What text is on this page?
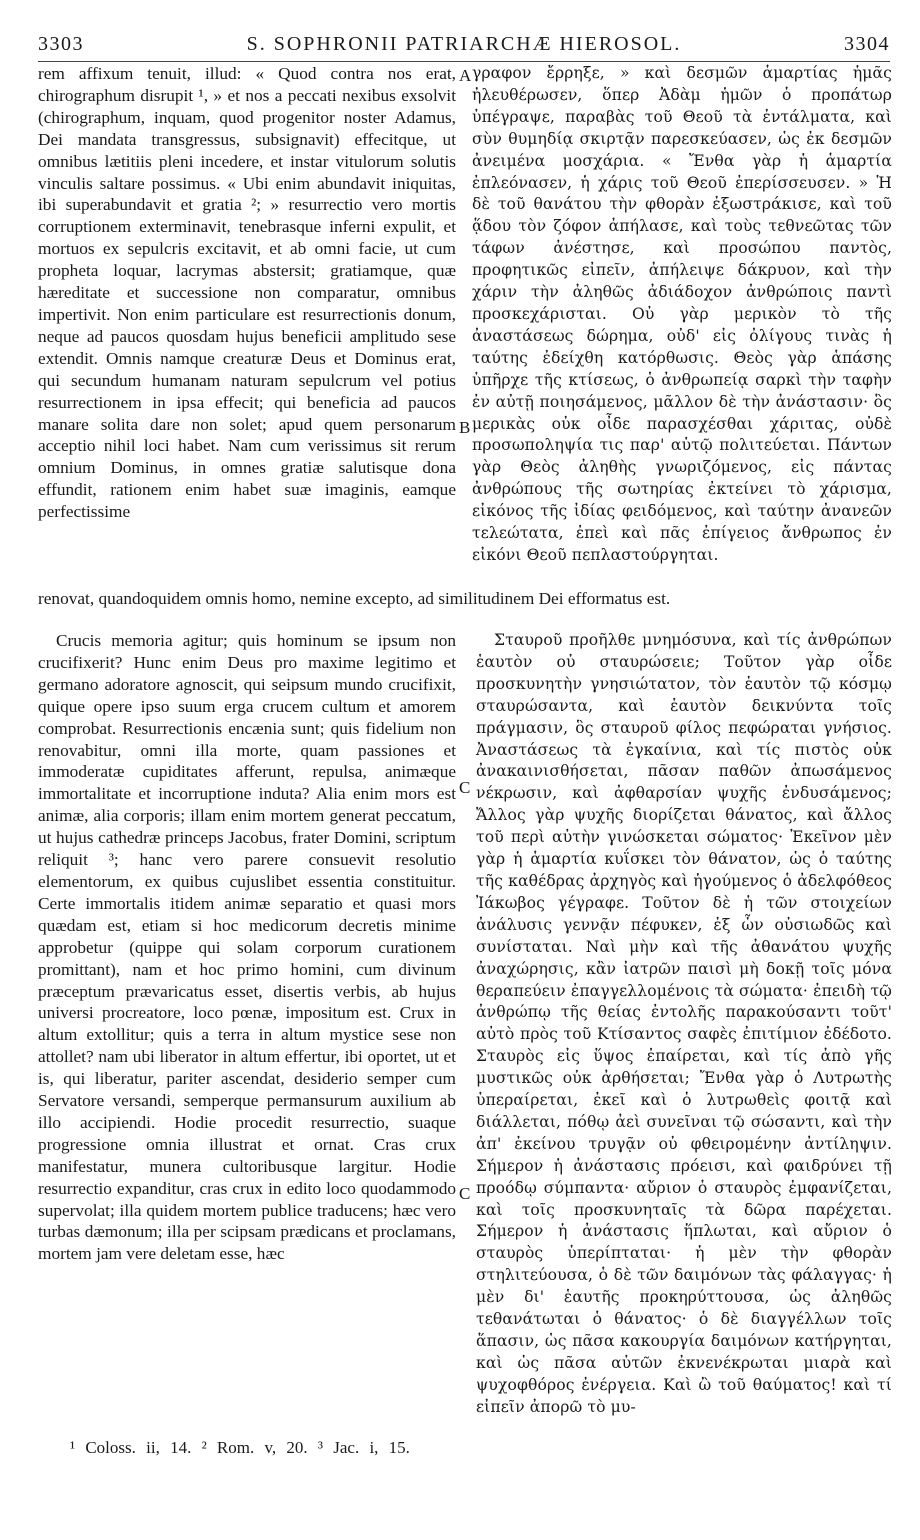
3303	S. SOPHRONII PATRIARCHÆ HIEROSOL.	3304

rem affixum tenuit, illud: « Quod contra nos erat, chirographum disrupit ¹, » et nos a peccati nexibus exsolvit (chirographum, inquam, quod progenitor noster Adamus, Dei mandata transgressus, subsignavit) effecitque, ut omnibus lætitiis pleni incedere, et instar vitulorum solutis vinculis saltare possimus. « Ubi enim abundavit iniquitas, ibi superabundavit et gratia ²; » resurrectio vero mortis corruptionem exterminavit, tenebrasque inferni expulit, et mortuos ex sepulcris excitavit, et ab omni facie, ut cum propheta loquar, lacrymas abstersit; gratiamque, quæ hæreditate et successione non comparatur, omnibus impertivit. Non enim particulare est resurrectionis donum, neque ad paucos quosdam hujus beneficii amplitudo sese extendit. Omnis namque creaturæ Deus et Dominus erat, qui secundum humanam naturam sepulcrum vel potius resurrectionem in ipsa effecit; qui beneficia ad paucos manare solita dare non solet; apud quem personarum acceptio nihil loci habet. Nam cum verissimus sit rerum omnium Dominus, in omnes gratiæ salutisque dona effundit, rationem enim habet suæ imaginis, eamque perfectissime

γραφον ἔρρηξε, » καὶ δεσμῶν ἁμαρτίας ἡμᾶς ἠλευθέρωσεν, ὅπερ Ἀδὰμ ἡμῶν ὁ προπάτωρ ὑπέγραψε, παραβὰς τοῦ Θεοῦ τὰ ἐντάλματα, καὶ σὺν θυμηδίᾳ σκιρτᾷν παρεσκεύασεν, ὡς ἐκ δεσμῶν ἀνειμένα μοσχάρια. « Ἔνθα γὰρ ἡ ἁμαρτία ἐπλεόνασεν, ἡ χάρις τοῦ Θεοῦ ἐπερίσσευσεν. » Ἡ δὲ τοῦ θανάτου τὴν φθορὰν ἐξωστράκισε, καὶ τοῦ ᾅδου τὸν ζόφον ἀπήλασε, καὶ τοὺς τεθνεῶτας τῶν τάφων ἀνέστησε, καὶ προσώπου παντὸς, προφητικῶς εἰπεῖν, ἀπήλειψε δάκρυον, καὶ τὴν χάριν τὴν ἀληθῶς ἀδιάδοχον ἀνθρώποις παντὶ προσκεχάρισται. Οὐ γὰρ μερικὸν τὸ τῆς ἀναστάσεως δώρημα, οὐδ' εἰς ὀλίγους τινὰς ἡ ταύτης ἐδείχθη κατόρθωσις. Θεὸς γὰρ ἁπάσης ὑπῆρχε τῆς κτίσεως, ὁ ἀνθρωπείᾳ σαρκὶ τὴν ταφὴν ἐν αὐτῇ ποιησάμενος, μᾶλλον δὲ τὴν ἀνάστασιν· ὃς μερικὰς οὐκ οἶδε παρασχέσθαι χάριτας, οὐδὲ προσωποληψία τις παρ' αὐτῷ πολιτεύεται. Πάντων γὰρ Θεὸς ἀληθὴς γνωριζόμενος, εἰς πάντας ἀνθρώπους τῆς σωτηρίας ἐκτείνει τὸ χάρισμα, εἰκόνος τῆς ἰδίας φειδόμενος, καὶ ταύτην ἀνανεῶν τελεώτατα, ἐπεὶ καὶ πᾶς ἐπίγειος ἄνθρωπος ἐν εἰκόνι Θεοῦ πεπλαστούργηται.

renovat, quandoquidem omnis homo, nemine excepto, ad similitudinem Dei efformatus est.

Crucis memoria agitur; quis hominum se ipsum non crucifixerit? Hunc enim Deus pro maxime legitimo et germano adoratore agnoscit, qui seipsum mundo crucifixit, quique opere ipso suum erga crucem cultum et amorem comprobat. Resurrectionis encænia sunt; quis fidelium non renovabitur, omni illa morte, quam passiones et immoderatæ cupiditates afferunt, repulsa, animæque immortalitate et incorruptione induta? Alia enim mors est animæ, alia corporis; illam enim mortem generat peccatum, ut hujus cathedræ princeps Jacobus, frater Domini, scriptum reliquit ³; hanc vero parere consuevit resolutio elementorum, ex quibus cujuslibet essentia constituitur. Certe immortalis itidem animæ separatio et quasi mors quædam est, etiam si hoc medicorum decretis minime approbetur (quippe qui solam corporum curationem promittant), nam et hoc primo homini, cum divinum præceptum prævaricatus esset, disertis verbis, ab hujus universi procreatore, loco pœnæ, impositum est. Crux in altum extollitur; quis a terra in altum mystice sese non attollet? nam ubi liberator in altum effertur, ibi oportet, ut et is, qui liberatur, pariter ascendat, desiderio semper cum Servatore versandi, semperque permansurum auxilium ab illo accipiendi. Hodie procedit resurrectio, suaque progressione omnia illustrat et ornat. Cras crux manifestatur, munera cultoribusque largitur. Hodie resurrectio expanditur, cras crux in edito loco quodammodo supervolat; illa quidem mortem publice traducens; hæc vero turbas dæmonum; illa per scipsam prædicans et proclamans, mortem jam vere deletam esse, hæc

Σταυροῦ προῆλθε μνημόσυνα, καὶ τίς ἀνθρώπων ἑαυτὸν οὐ σταυρώσειε; Τοῦτον γὰρ οἶδε προσκυνητὴν γνησιώτατον, τὸν ἑαυτὸν τῷ κόσμῳ σταυρώσαντα, καὶ ἑαυτὸν δεικνύντα τοῖς πράγμασιν, ὃς σταυροῦ φίλος πεφώραται γνήσιος. Ἀναστάσεως τὰ ἐγκαίνια, καὶ τίς πιστὸς οὐκ ἀνακαινισθήσεται, πᾶσαν παθῶν ἀπωσάμενος νέκρωσιν, καὶ ἀφθαρσίαν ψυχῆς ἐνδυσάμενος; Ἄλλος γὰρ ψυχῆς διορίζεται θάνατος, καὶ ἄλλος τοῦ περὶ αὐτὴν γινώσκεται σώματος· Ἐκεῖνον μὲν γὰρ ἡ ἁμαρτία κυΐσκει τὸν θάνατον, ὡς ὁ ταύτης τῆς καθέδρας ἀρχηγὸς καὶ ἡγούμενος ὁ ἀδελφόθεος Ἰάκωβος γέγραφε. Τοῦτον δὲ ἡ τῶν στοιχείων ἀνάλυσις γεννᾷν πέφυκεν, ἐξ ὧν οὐσιωδῶς καὶ συνίσταται. Ναὶ μὴν καὶ τῆς ἀθανάτου ψυχῆς ἀναχώρησις, κἂν ἰατρῶν παισὶ μὴ δοκῇ τοῖς μόνα θεραπεύειν ἐπαγγελλομένοις τὰ σώματα· ἐπειδὴ τῷ ἀνθρώπῳ τῆς θείας ἐντολῆς παρακούσαντι τοῦτ' αὐτὸ πρὸς τοῦ Κτίσαντος σαφὲς ἐπιτίμιον ἐδέδοτο. Σταυρὸς εἰς ὕψος ἐπαίρεται, καὶ τίς ἀπὸ γῆς μυστικῶς οὐκ ἀρθήσεται; Ἔνθα γὰρ ὁ Λυτρωτὴς ὑπεραίρεται, ἐκεῖ καὶ ὁ λυτρωθεὶς φοιτᾷ καὶ διάλλεται, πόθῳ ἀεὶ συνεῖναι τῷ σώσαντι, καὶ τὴν ἀπ' ἐκείνου τρυγᾷν οὐ φθειρομένην ἀντίληψιν. Σήμερον ἡ ἀνάστασις πρόεισι, καὶ φαιδρύνει τῇ προόδῳ σύμπαντα· αὔριον ὁ σταυρὸς ἐμφανίζεται, καὶ τοῖς προσκυνηταῖς τὰ δῶρα παρέχεται. Σήμερον ἡ ἀνάστασις ἥπλωται, καὶ αὔριον ὁ σταυρὸς ὑπερίπταται· ἡ μὲν τὴν φθορὰν στηλιτεύουσα, ὁ δὲ τῶν δαιμόνων τὰς φάλαγγας· ἡ μὲν δι' ἑαυτῆς προκηρύττουσα, ὡς ἀληθῶς τεθανάτωται ὁ θάνατος· ὁ δὲ διαγγέλλων τοῖς ἅπασιν, ὡς πᾶσα κακουργία δαιμόνων κατήργηται, καὶ ὡς πᾶσα αὐτῶν ἐκνενέκρωται μιαρὰ καὶ ψυχοφθόρος ἐνέργεια. Καὶ ὢ τοῦ θαύματος! καὶ τί εἰπεῖν ἀπορῶ τὸ μυ-

A
B
C
C
¹ Coloss. ii, 14. ² Rom. v, 20. ³ Jac. i, 15.
